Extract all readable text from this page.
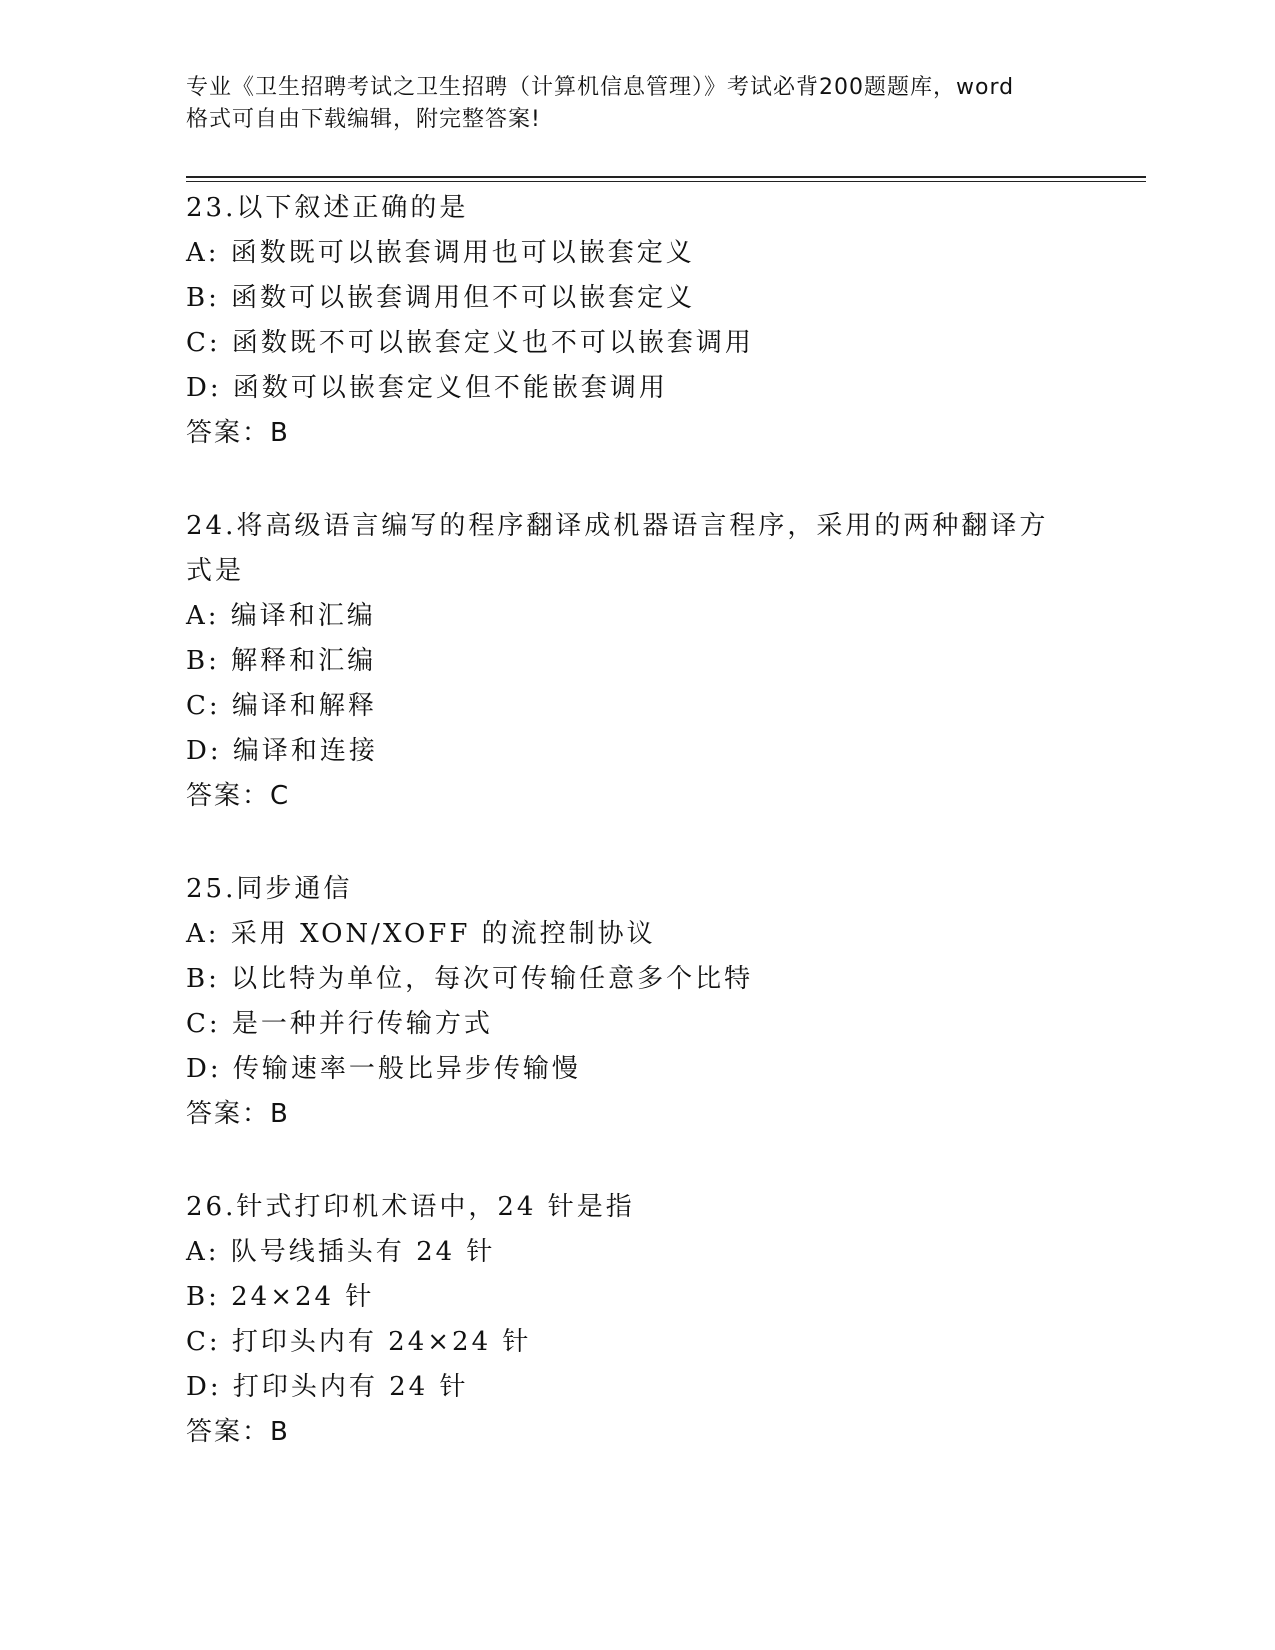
专业《卫生招聘考试之卫生招聘（计算机信息管理）》考试必背200题题库，word
格式可自由下载编辑，附完整答案!
23.以下叙述正确的是
A: 函数既可以嵌套调用也可以嵌套定义
B: 函数可以嵌套调用但不可以嵌套定义
C: 函数既不可以嵌套定义也不可以嵌套调用
D: 函数可以嵌套定义但不能嵌套调用
答案：B
24.将高级语言编写的程序翻译成机器语言程序，采用的两种翻译方式是
A: 编译和汇编
B: 解释和汇编
C: 编译和解释
D: 编译和连接
答案：C
25.同步通信
A: 采用 XON/XOFF 的流控制协议
B: 以比特为单位，每次可传输任意多个比特
C: 是一种并行传输方式
D: 传输速率一般比异步传输慢
答案：B
26.针式打印机术语中，24 针是指
A: 队号线插头有 24 针
B: 24×24 针
C: 打印头内有 24×24 针
D: 打印头内有 24 针
答案：B
